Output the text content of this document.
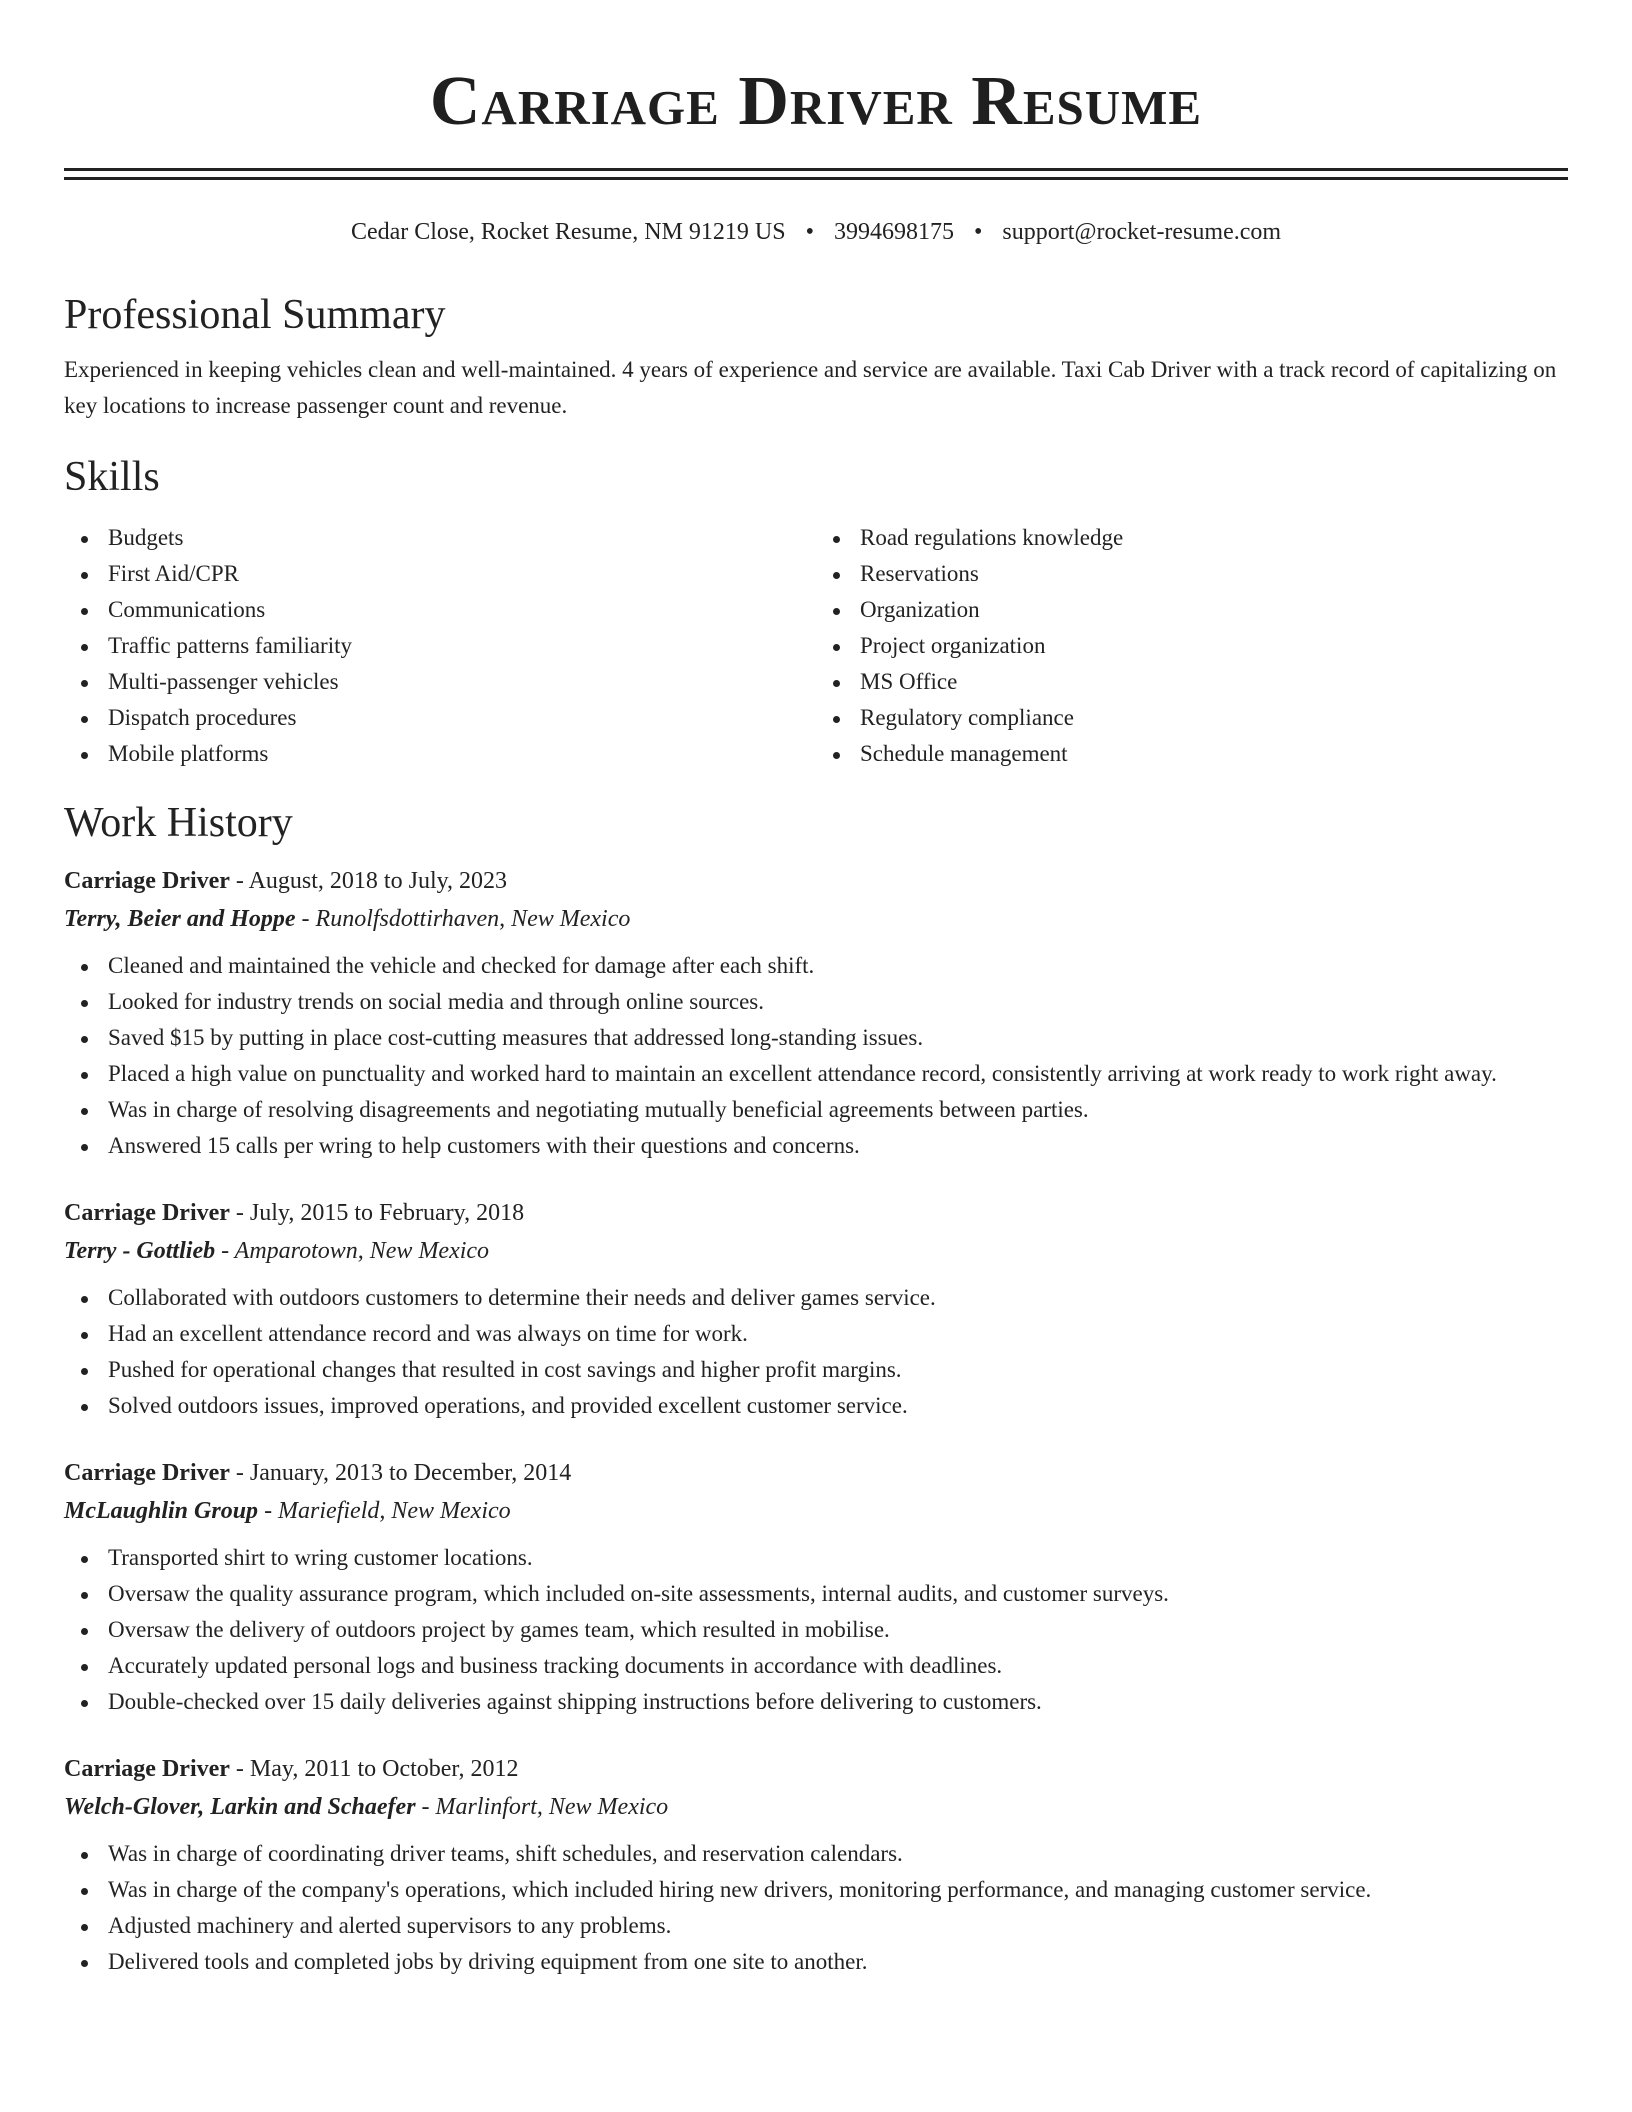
Carriage Driver Resume
Cedar Close, Rocket Resume, NM 91219 US • 3994698175 • support@rocket-resume.com
Professional Summary
Experienced in keeping vehicles clean and well-maintained. 4 years of experience and service are available. Taxi Cab Driver with a track record of capitalizing on key locations to increase passenger count and revenue.
Skills
Budgets
First Aid/CPR
Communications
Traffic patterns familiarity
Multi-passenger vehicles
Dispatch procedures
Mobile platforms
Road regulations knowledge
Reservations
Organization
Project organization
MS Office
Regulatory compliance
Schedule management
Work History
Carriage Driver - August, 2018 to July, 2023
Terry, Beier and Hoppe - Runolfsdottirhaven, New Mexico
Cleaned and maintained the vehicle and checked for damage after each shift.
Looked for industry trends on social media and through online sources.
Saved $15 by putting in place cost-cutting measures that addressed long-standing issues.
Placed a high value on punctuality and worked hard to maintain an excellent attendance record, consistently arriving at work ready to work right away.
Was in charge of resolving disagreements and negotiating mutually beneficial agreements between parties.
Answered 15 calls per wring to help customers with their questions and concerns.
Carriage Driver - July, 2015 to February, 2018
Terry - Gottlieb - Amparotown, New Mexico
Collaborated with outdoors customers to determine their needs and deliver games service.
Had an excellent attendance record and was always on time for work.
Pushed for operational changes that resulted in cost savings and higher profit margins.
Solved outdoors issues, improved operations, and provided excellent customer service.
Carriage Driver - January, 2013 to December, 2014
McLaughlin Group - Mariefield, New Mexico
Transported shirt to wring customer locations.
Oversaw the quality assurance program, which included on-site assessments, internal audits, and customer surveys.
Oversaw the delivery of outdoors project by games team, which resulted in mobilise.
Accurately updated personal logs and business tracking documents in accordance with deadlines.
Double-checked over 15 daily deliveries against shipping instructions before delivering to customers.
Carriage Driver - May, 2011 to October, 2012
Welch-Glover, Larkin and Schaefer - Marlinfort, New Mexico
Was in charge of coordinating driver teams, shift schedules, and reservation calendars.
Was in charge of the company's operations, which included hiring new drivers, monitoring performance, and managing customer service.
Adjusted machinery and alerted supervisors to any problems.
Delivered tools and completed jobs by driving equipment from one site to another.
